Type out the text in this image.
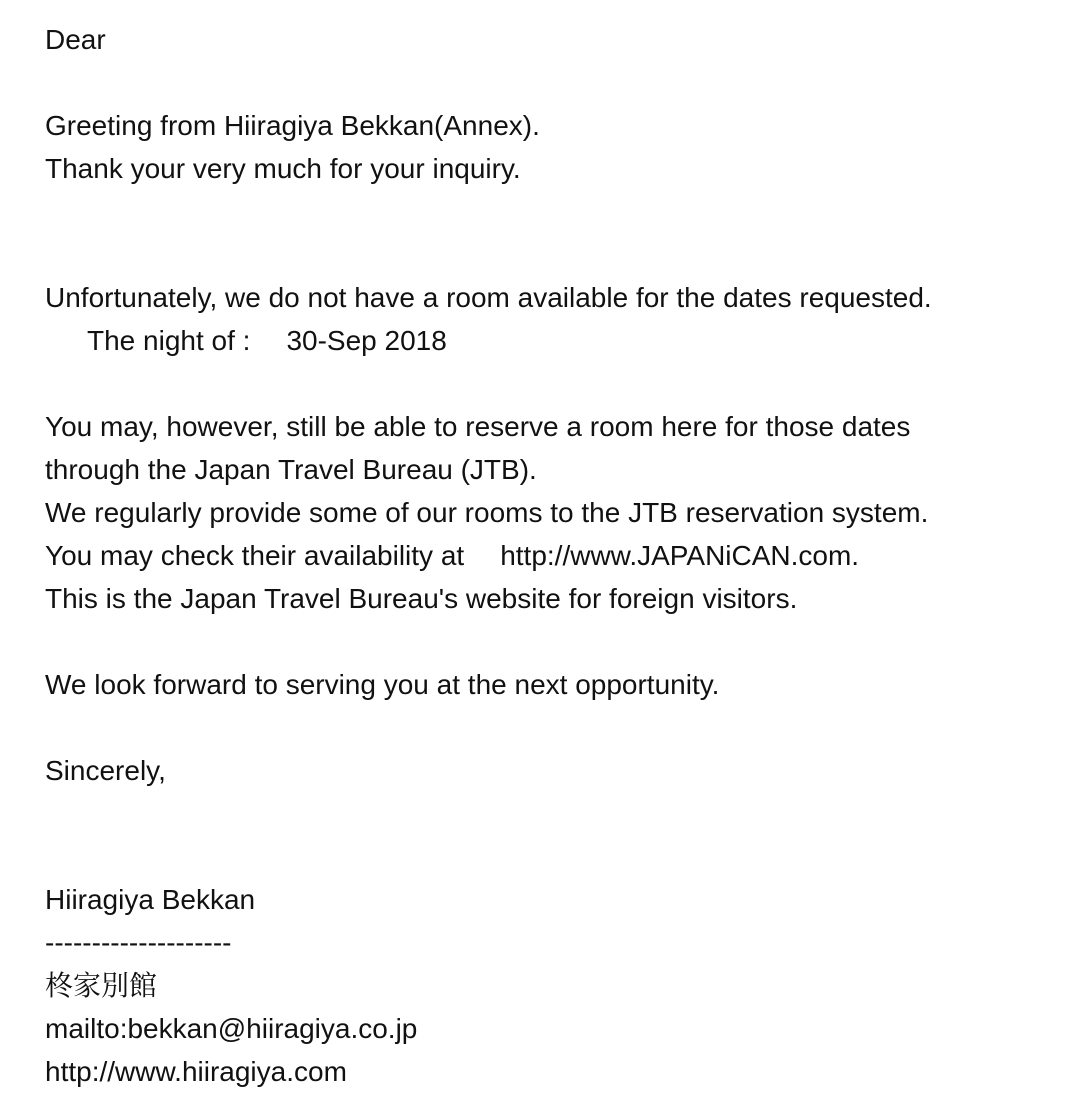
Dear
Greeting from Hiiragiya Bekkan(Annex).
Thank your very much for your inquiry.
Unfortunately, we do not have a room available for the dates requested.
The night of : 30-Sep 2018
You may, however, still be able to reserve a room here for those dates
through the Japan Travel Bureau (JTB).
We regularly provide some of our rooms to the JTB reservation system.
You may check their availability at http://www.JAPANiCAN.com.
This is the Japan Travel Bureau's website for foreign visitors.
We look forward to serving you at the next opportunity.
Sincerely,
Hiiragiya Bekkan
--------------------
柊家別館
mailto:bekkan@hiiragiya.co.jp
http://www.hiiragiya.com
